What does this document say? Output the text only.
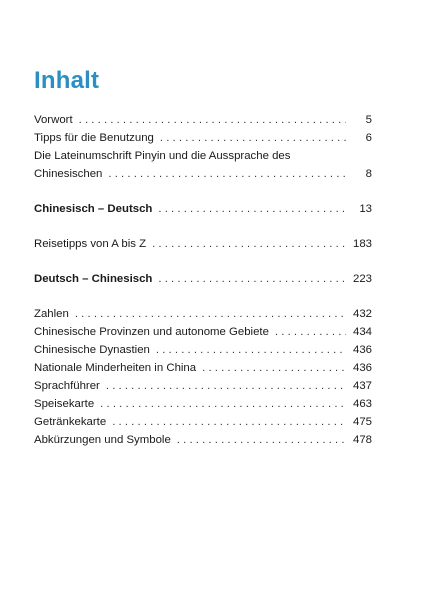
Inhalt
Vorwort . . .	5
Tipps für die Benutzung . . .	6
Die Lateinumschrift Pinyin und die Aussprache des
Chinesischen . . .	8
Chinesisch – Deutsch . . .	13
Reisetipps von A bis Z . . .	183
Deutsch – Chinesisch . . .	223
Zahlen . . .	432
Chinesische Provinzen und autonome Gebiete . . .	434
Chinesische Dynastien . . .	436
Nationale Minderheiten in China . . .	436
Sprachführer . . .	437
Speisekarte . . .	463
Getränkekarte . . .	475
Abkürzungen und Symbole . . .	478
